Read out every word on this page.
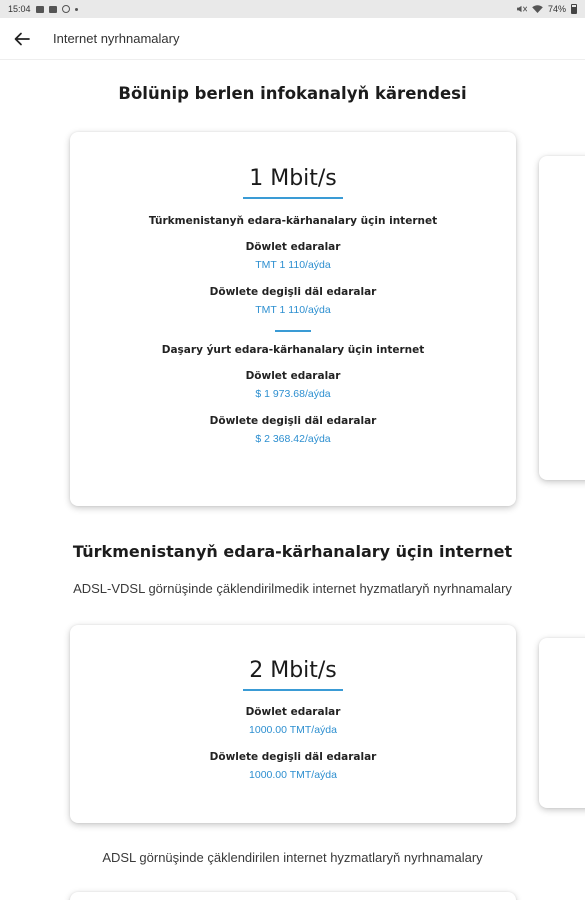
15:04	74%
Internet nyrhnamalary
Bölünip berlen infokanalyň kärendesi
1 Mbit/s
Türkmenistanyň edara-kärhanalary üçin internet
Döwlet edaralar
TMT 1 110/aýda
Döwlete degişli däl edaralar
TMT 1 110/aýda
Daşary ýurt edara-kärhanalary üçin internet
Döwlet edaralar
$ 1 973.68/aýda
Döwlete degişli däl edaralar
$ 2 368.42/aýda
Türkmenistanyň edara-kärhanalary üçin internet
ADSL-VDSL görnüşinde çäklendirilmedik internet hyzmatlaryň nyrhnamalary
2 Mbit/s
Döwlet edaralar
1000.00 TMT/aýda
Döwlete degişli däl edaralar
1000.00 TMT/aýda
ADSL görnüşinde çäklendirilen internet hyzmatlaryň nyrhnamalary
